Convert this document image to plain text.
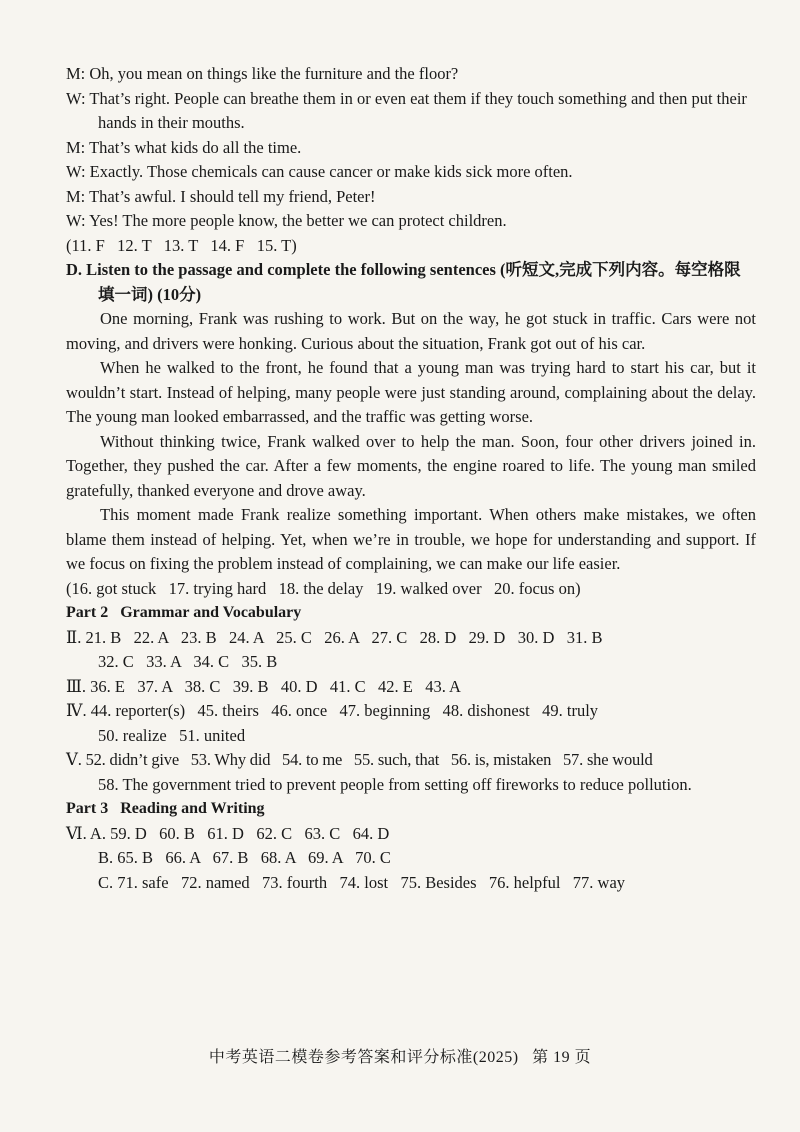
M: Oh, you mean on things like the furniture and the floor?
W: That’s right. People can breathe them in or even eat them if they touch something and then put their hands in their mouths.
M: That’s what kids do all the time.
W: Exactly. Those chemicals can cause cancer or make kids sick more often.
M: That’s awful. I should tell my friend, Peter!
W: Yes! The more people know, the better we can protect children.
(11. F   12. T   13. T   14. F   15. T)
D. Listen to the passage and complete the following sentences (听短文,完成下列内容。每空格限填一词) (10分)
One morning, Frank was rushing to work. But on the way, he got stuck in traffic. Cars were not moving, and drivers were honking. Curious about the situation, Frank got out of his car.
When he walked to the front, he found that a young man was trying hard to start his car, but it wouldn’t start. Instead of helping, many people were just standing around, complaining about the delay. The young man looked embarrassed, and the traffic was getting worse.
Without thinking twice, Frank walked over to help the man. Soon, four other drivers joined in. Together, they pushed the car. After a few moments, the engine roared to life. The young man smiled gratefully, thanked everyone and drove away.
This moment made Frank realize something important. When others make mistakes, we often blame them instead of helping. Yet, when we’re in trouble, we hope for understanding and support. If we focus on fixing the problem instead of complaining, we can make our life easier.
(16. got stuck   17. trying hard   18. the delay   19. walked over   20. focus on)
Part 2   Grammar and Vocabulary
Ⅱ. 21. B   22. A   23. B   24. A   25. C   26. A   27. C   28. D   29. D   30. D   31. B
32. C   33. A   34. C   35. B
Ⅲ. 36. E   37. A   38. C   39. B   40. D   41. C   42. E   43. A
Ⅳ. 44. reporter(s)   45. theirs   46. once   47. beginning   48. dishonest   49. truly
50. realize   51. united
Ⅴ. 52. didn’t give   53. Why did   54. to me   55. such, that   56. is, mistaken   57. she would
58. The government tried to prevent people from setting off fireworks to reduce pollution.
Part 3   Reading and Writing
Ⅵ. A. 59. D   60. B   61. D   62. C   63. C   64. D
B. 65. B   66. A   67. B   68. A   69. A   70. C
C. 71. safe   72. named   73. fourth   74. lost   75. Besides   76. helpful   77. way
中考英语二模卷参考答案和评分标准(2025)   第 19 页
